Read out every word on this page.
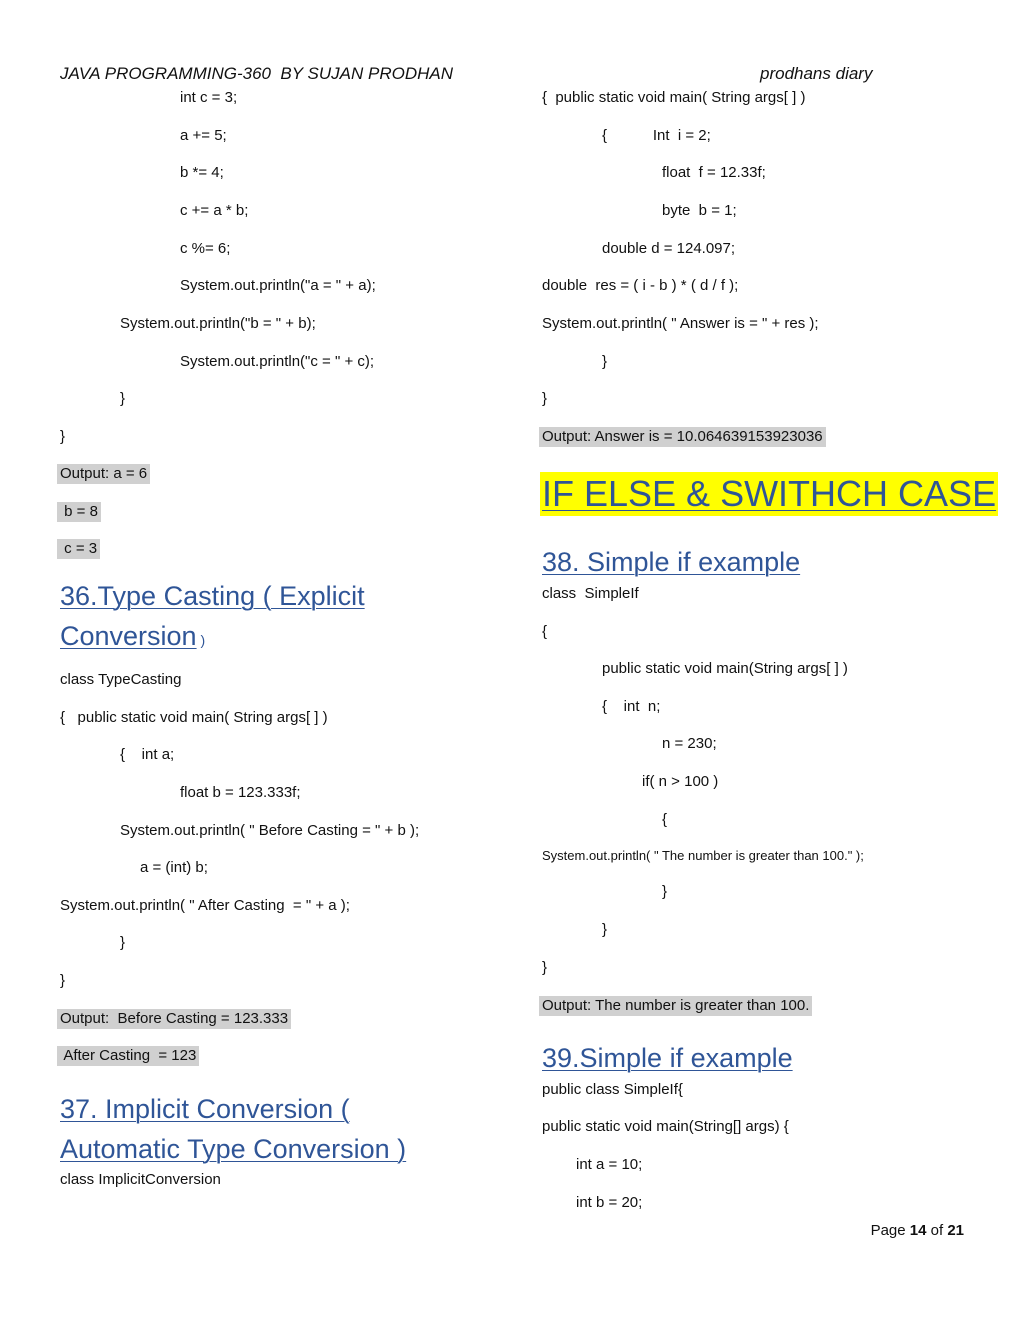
JAVA PROGRAMMING-360  BY SUJAN PRODHAN	prodhans diary
int c = 3;
a += 5;
b *= 4;
c += a * b;
c %= 6;
System.out.println("a = " + a);
System.out.println("b = " + b);
System.out.println("c = " + c);
}
}
Output: a = 6
b = 8
c = 3
36.Type Casting ( Explicit
Conversion )
class TypeCasting
{   public static void main( String args[ ] )
{    int a;
float b = 123.333f;
System.out.println( " Before Casting = " + b );
a = (int) b;
System.out.println( " After Casting  = " + a );
}
}
Output:  Before Casting = 123.333
After Casting  = 123
37. Implicit Conversion (
Automatic Type Conversion )
class ImplicitConversion
{  public static void main( String args[ ] )
{           Int  i = 2;
float  f = 12.33f;
byte  b = 1;
double d = 124.097;
double  res = ( i - b ) * ( d / f );
System.out.println( " Answer is = " + res );
}
}
Output: Answer is = 10.064639153923036
IF ELSE & SWITHCH CASE
38. Simple if example
class  SimpleIf
{
public static void main(String args[ ] )
{    int  n;
n = 230;
if( n > 100 )
{
System.out.println( " The number is greater than 100." );
}
}
}
Output: The number is greater than 100.
39.Simple if example
public class SimpleIf{
public static void main(String[] args) {
int a = 10;
int b = 20;
Page 14 of 21
